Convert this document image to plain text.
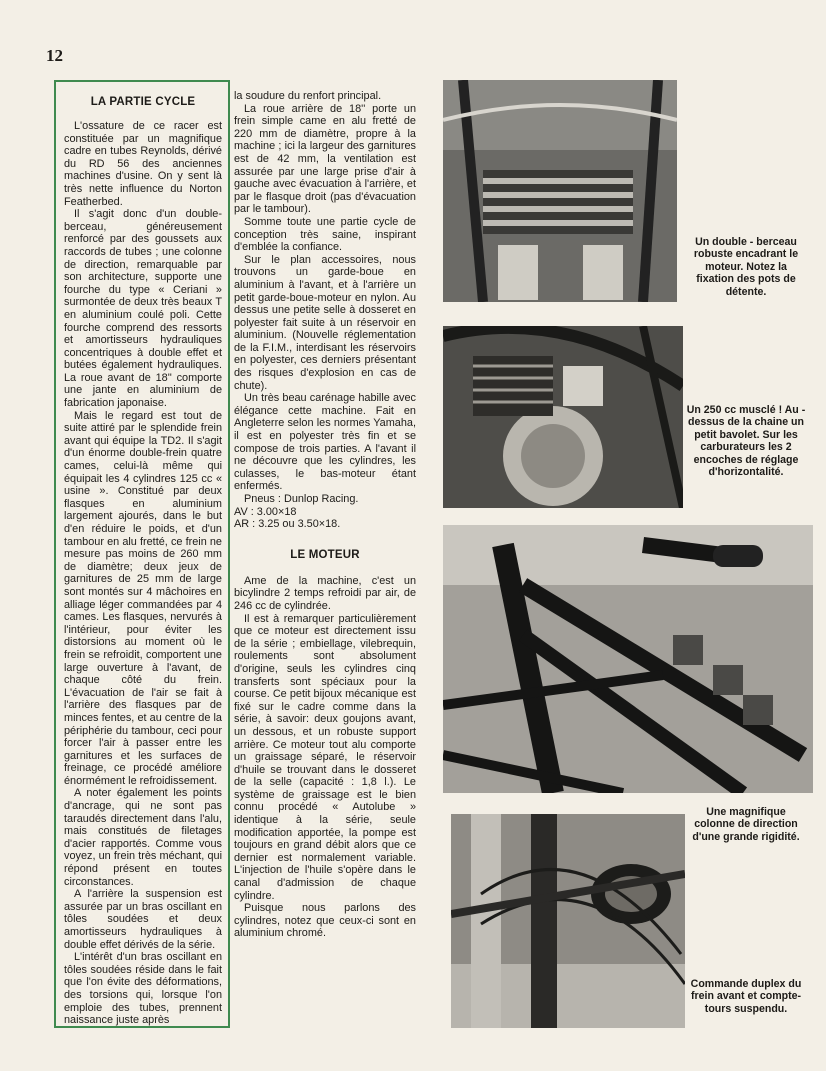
12
LA PARTIE CYCLE

L'ossature de ce racer est constituée par un magnifique cadre en tubes Reynolds, dérivé du RD 56 des anciennes machines d'usine. On y sent là très nette influence du Norton Featherbed.

Il s'agit donc d'un double-berceau, généreusement renforcé par des goussets aux raccords de tubes ; une colonne de direction, remarquable par son architecture, supporte une fourche du type « Ceriani » surmontée de deux très beaux T en aluminium coulé poli. Cette fourche comprend des ressorts et amortisseurs hydrauliques concentriques à double effet et butées également hydrauliques. La roue avant de 18'' comporte une jante en aluminium de fabrication japonaise.

Mais le regard est tout de suite attiré par le splendide frein avant qui équipe la TD2. Il s'agit d'un énorme double-frein quatre cames, celui-là même qui équipait les 4 cylindres 125 cc « usine ». Constitué par deux flasques en aluminium largement ajourés, dans le but d'en réduire le poids, et d'un tambour en alu fretté, ce frein ne mesure pas moins de 260 mm de diamètre; deux jeux de garnitures de 25 mm de large sont montés sur 4 mâchoires en alliage léger commandées par 4 cames. Les flasques, nervurés à l'intérieur, pour éviter les distorsions au moment où le frein se refroidit, comportent une large ouverture à l'avant, de chaque côté du frein. L'évacuation de l'air se fait à l'arrière des flasques par de minces fentes, et au centre de la périphérie du tambour, ceci pour forcer l'air à passer entre les garnitures et les surfaces de freinage, ce procédé améliore énormément le refroidissement.

A noter également les points d'ancrage, qui ne sont pas taraudés directement dans l'alu, mais constitués de filetages d'acier rapportés. Comme vous voyez, un frein très méchant, qui répond présent en toutes circonstances.

A l'arrière la suspension est assurée par un bras oscillant en tôles soudées et deux amortisseurs hydrauliques à double effet dérivés de la série.

L'intérêt d'un bras oscillant en tôles soudées réside dans le fait que l'on évite des déformations, des torsions qui, lorsque l'on emploie des tubes, prennent naissance juste après

la soudure du renfort principal.

La roue arrière de 18'' porte un frein simple came en alu fretté de 220 mm de diamètre, propre à la machine ; ici la largeur des garnitures est de 42 mm, la ventilation est assurée par une large prise d'air à gauche avec évacuation à l'arrière, et par le flasque droit (pas d'évacuation par le tambour).

Somme toute une partie cycle de conception très saine, inspirant d'emblée la confiance.

Sur le plan accessoires, nous trouvons un garde-boue en aluminium à l'avant, et à l'arrière un petit garde-boue-moteur en nylon. Au dessus une petite selle à dosseret en polyester fait suite à un réservoir en aluminium. (Nouvelle réglementation de la F.I.M., interdisant les réservoirs en polyester, ces derniers présentant des risques d'explosion en cas de chute).

Un très beau carénage habille avec élégance cette machine. Fait en Angleterre selon les normes Yamaha, il est en polyester très fin et se compose de trois parties. A l'avant il ne découvre que les cylindres, les culasses, le bas-moteur étant enfermés.

Pneus : Dunlop Racing.

AV : 3.00×18

AR : 3.25 ou 3.50×18.

LE MOTEUR

Ame de la machine, c'est un bicylindre 2 temps refroidi par air, de 246 cc de cylindrée.

Il est à remarquer particulièrement que ce moteur est directement issu de la série ; embiellage, vilebrequin, roulements sont absolument d'origine, seuls les cylindres cinq transferts sont spéciaux pour la course. Ce petit bijoux mécanique est fixé sur le cadre comme dans la série, à savoir: deux goujons avant, un dessous, et un robuste support arrière. Ce moteur tout alu comporte un graissage séparé, le réservoir d'huile se trouvant dans le dosseret de la selle (capacité : 1,8 l.). Le système de graissage est le bien connu procédé « Autolube » identique à la série, seule modification apportée, la pompe est toujours en grand débit alors que ce dernier est normalement variable. L'injection de l'huile s'opère dans le canal d'admission de chaque cylindre.

Puisque nous parlons des cylindres, notez que ceux-ci sont en aluminium chromé.

Un double - berceau robuste encadrant le moteur. Notez la fixation des pots de détente.
Un 250 cc musclé ! Au - dessus de la chaine un petit bavolet. Sur les carburateurs les 2 encoches de réglage d'horizontalité.
Une magnifique colonne de direction d'une grande rigidité.
Commande duplex du frein avant et compte-tours suspendu.
